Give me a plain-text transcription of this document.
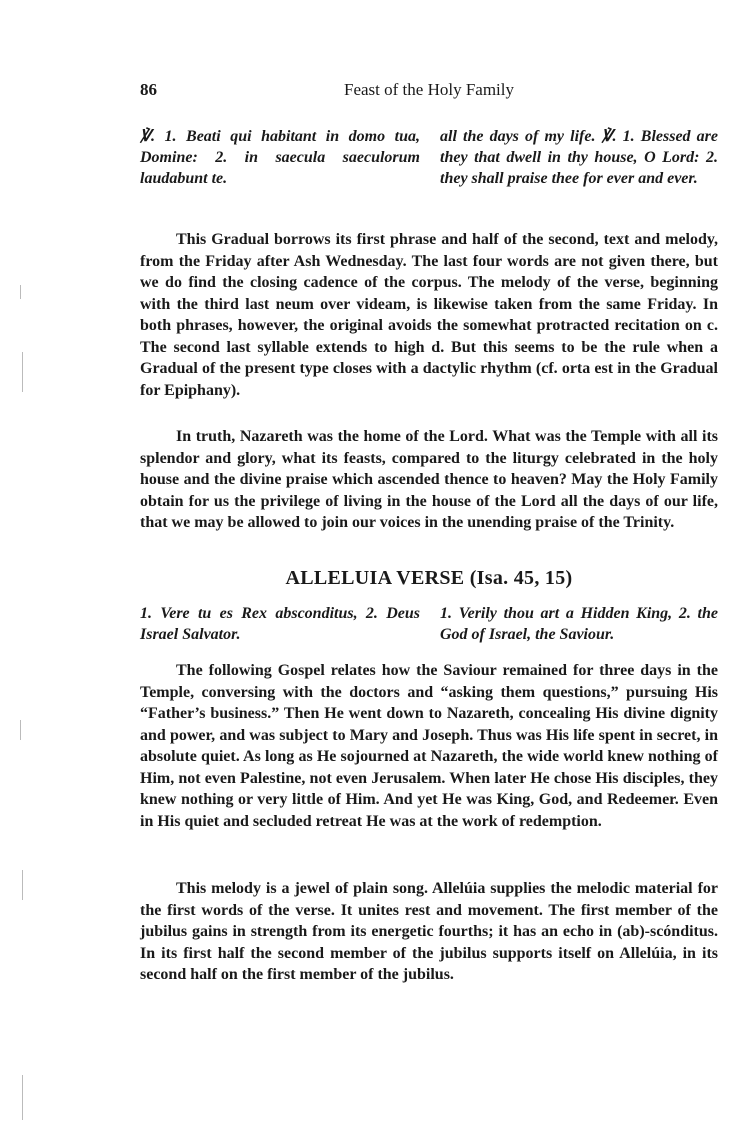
86	Feast of the Holy Family
℣. 1. Beati qui habitant in domo tua, Domine: 2. in saecula saeculorum laudabunt te.
all the days of my life. ℣. 1. Blessed are they that dwell in thy house, O Lord: 2. they shall praise thee for ever and ever.
This Gradual borrows its first phrase and half of the second, text and melody, from the Friday after Ash Wednesday. The last four words are not given there, but we do find the closing cadence of the corpus. The melody of the verse, beginning with the third last neum over videam, is likewise taken from the same Friday. In both phrases, however, the original avoids the somewhat protracted recitation on c. The second last syllable extends to high d. But this seems to be the rule when a Gradual of the present type closes with a dactylic rhythm (cf. orta est in the Gradual for Epiphany).
In truth, Nazareth was the home of the Lord. What was the Temple with all its splendor and glory, what its feasts, compared to the liturgy celebrated in the holy house and the divine praise which ascended thence to heaven? May the Holy Family obtain for us the privilege of living in the house of the Lord all the days of our life, that we may be allowed to join our voices in the unending praise of the Trinity.
ALLELUIA VERSE (Isa. 45, 15)
1. Vere tu es Rex absconditus, 2. Deus Israel Salvator.
1. Verily thou art a Hidden King, 2. the God of Israel, the Saviour.
The following Gospel relates how the Saviour remained for three days in the Temple, conversing with the doctors and “asking them questions,” pursuing His “Father’s business.” Then He went down to Nazareth, concealing His divine dignity and power, and was subject to Mary and Joseph. Thus was His life spent in secret, in absolute quiet. As long as He sojourned at Nazareth, the wide world knew nothing of Him, not even Palestine, not even Jerusalem. When later He chose His disciples, they knew nothing or very little of Him. And yet He was King, God, and Redeemer. Even in His quiet and secluded retreat He was at the work of redemption.
This melody is a jewel of plain song. Allelúia supplies the melodic material for the first words of the verse. It unites rest and movement. The first member of the jubilus gains in strength from its energetic fourths; it has an echo in (ab)-scónditus. In its first half the second member of the jubilus supports itself on Allelúia, in its second half on the first member of the jubilus.
